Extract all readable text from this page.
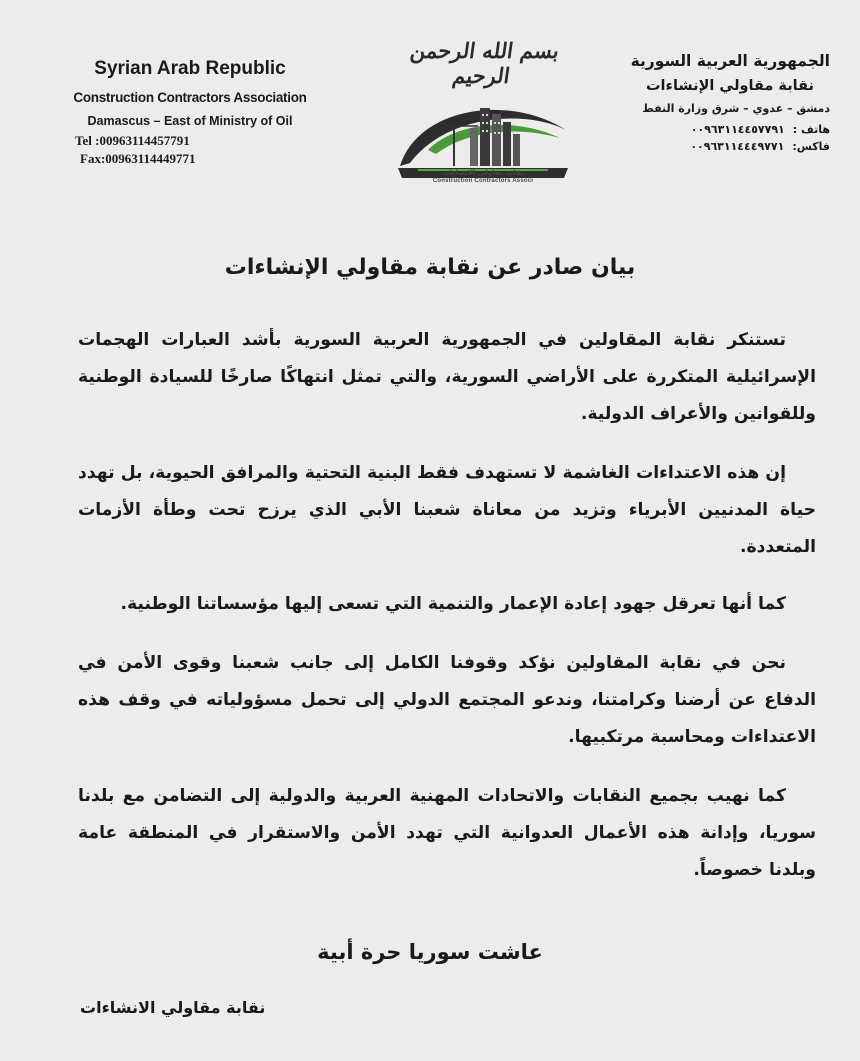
Syrian Arab Republic
Construction Contractors Association
Damascus – East of Ministry of Oil
Tel :00963114457791
Fax:00963114449771
بسم الله الرحمن الرحيم
نقابة مقاولي الانشاءات
Construction Contractors Associ
الجمهورية العربية السورية
نقابة مقاولي الإنشاءات
دمشق – عدوي – شرق وزارة النفط
هاتف :٠٠٩٦٣١١٤٤٥٧٧٩١
فاكس:٠٠٩٦٣١١٤٤٤٩٧٧١
بيان صادر عن نقابة مقاولي الإنشاءات

تستنكر نقابة المقاولين في الجمهورية العربية السورية بأشد العبارات الهجمات الإسرائيلية المتكررة على الأراضي السورية، والتي تمثل انتهاكًا صارخًا للسيادة الوطنية وللقوانين والأعراف الدولية.

إن هذه الاعتداءات الغاشمة لا تستهدف فقط البنية التحتية والمرافق الحيوية، بل تهدد حياة المدنيين الأبرياء وتزيد من معاناة شعبنا الأبي الذي يرزح تحت وطأة الأزمات المتعددة.

كما أنها تعرقل جهود إعادة الإعمار والتنمية التي تسعى إليها مؤسساتنا الوطنية.

نحن في نقابة المقاولين نؤكد وقوفنا الكامل إلى جانب شعبنا وقوى الأمن في الدفاع عن أرضنا وكرامتنا، وندعو المجتمع الدولي إلى تحمل مسؤولياته في وقف هذه الاعتداءات ومحاسبة مرتكبيها.

كما نهيب بجميع النقابات والاتحادات المهنية العربية والدولية إلى التضامن مع بلدنا سوريا، وإدانة هذه الأعمال العدوانية التي تهدد الأمن والاستقرار في المنطقة عامة وبلدنا خصوصاً.

عاشت سوريا حرة أبية
نقابة مقاولي الانشاءات
